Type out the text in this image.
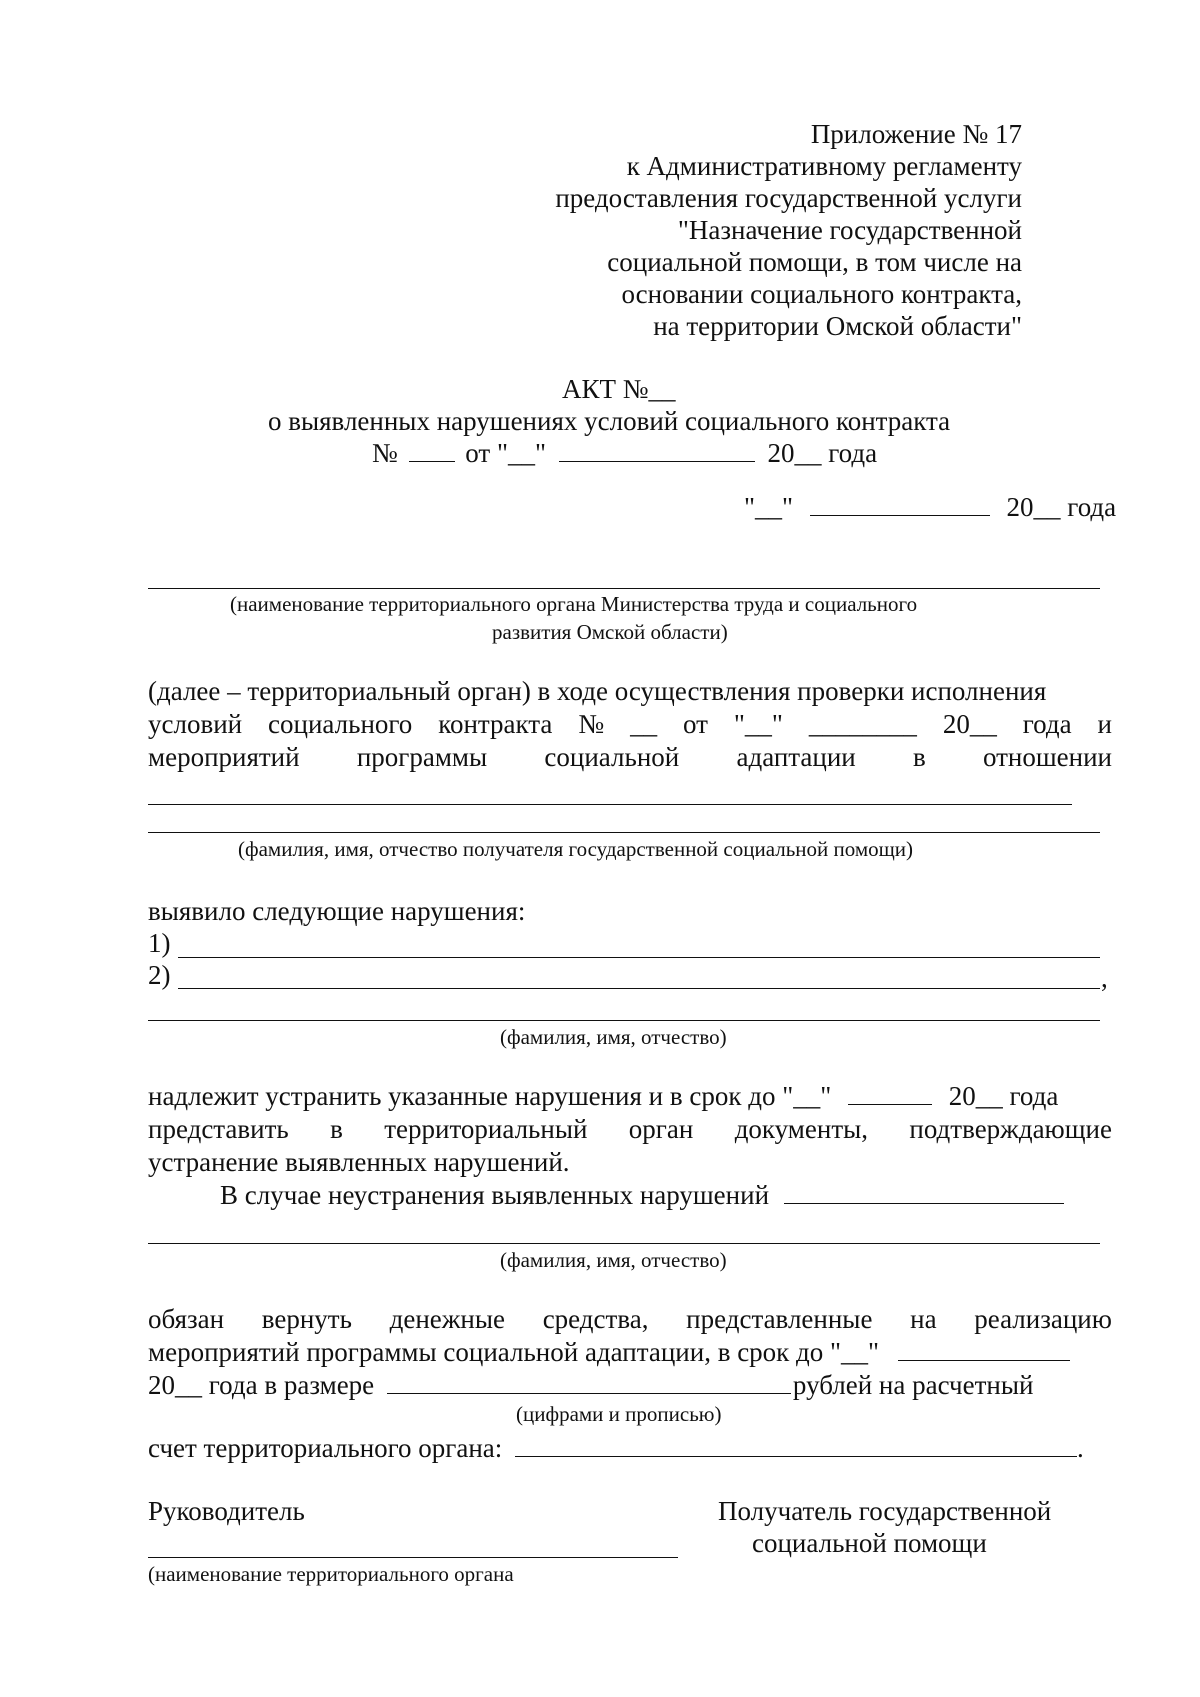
Приложение № 17
к Административному регламенту
предоставления государственной услуги
"Назначение государственной
социальной помощи, в том числе на
основании социального контракта,
на территории Омской области"
АКТ №__
о выявленных нарушениях условий социального контракта
№	от "__"	20__ года
"__"	20__ года
(наименование территориального органа Министерства труда и социального
развития Омской области)
(далее – территориальный орган) в ходе осуществления проверки исполнения
условий социального контракта № __ от "__" ________ 20__ года и
мероприятий программы социальной адаптации в отношении
(фамилия, имя, отчество получателя государственной социальной помощи)
выявило следующие нарушения:
1)
2)	,
(фамилия, имя, отчество)
надлежит устранить указанные нарушения и в срок до "__"	20__ года
представить в территориальный орган документы, подтверждающие
устранение выявленных нарушений.
В случае неустранения выявленных нарушений
(фамилия, имя, отчество)
обязан вернуть денежные средства, представленные на реализацию
мероприятий программы социальной адаптации, в срок до "__"
20__ года в размере	рублей на расчетный
(цифрами и прописью)
счет территориального органа:	.
Руководитель
(наименование территориального органа
Получатель государственной
социальной помощи
